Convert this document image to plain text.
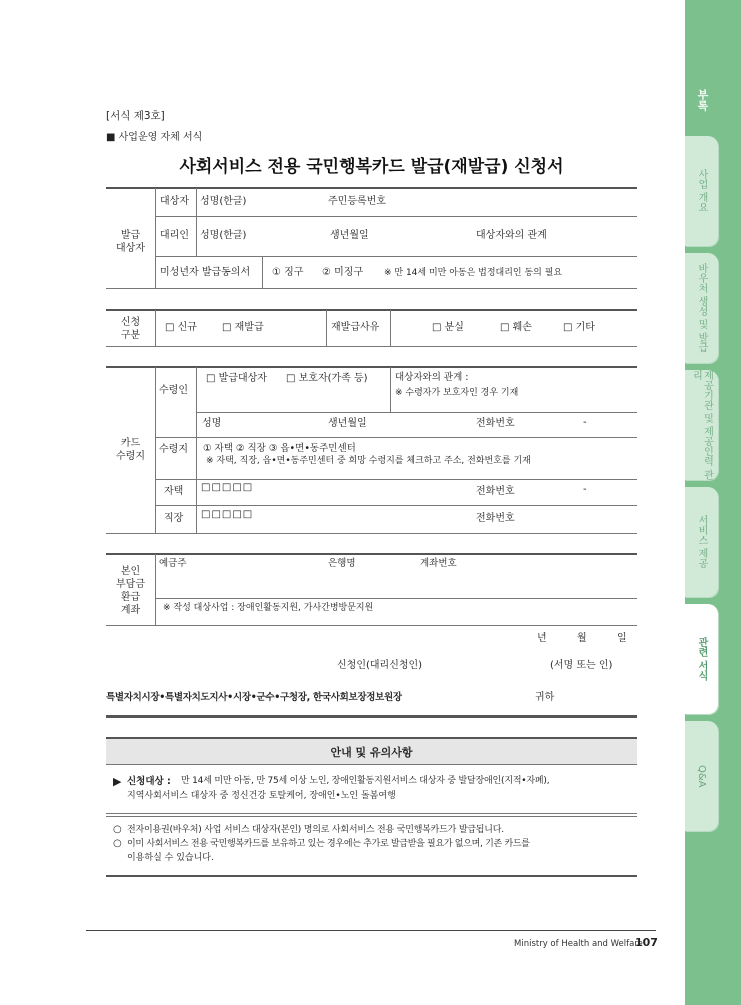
부록
사업 개요
바우처 생성 및 발급
제공기관 및 제공인력 관리
서비스 제공
관련 서식
Q&A
[서식 제3호]
■ 사업운영 자체 서식
사회서비스 전용 국민행복카드 발급(재발급) 신청서
발급
대상자
대상자 성명(한글)	주민등록번호
대리인 성명(한글)	생년월일	대상자와의 관계
미성년자 발급동의서 ① 징구 ② 미징구 ※ 만 14세 미만 아동은 법정대리인 동의 필요
신청
구분
□ 신규	□ 재발급	재발급사유	□ 분실	□ 훼손	□ 기타
카드
수령지
수령인
□ 발급대상자 □ 보호자(가족 등)	대상자와의 관계 :
※ 수령자가 보호자인 경우 기재
성명	생년월일	전화번호	-
수령지 ① 자택 ② 직장 ③ 읍•면•동주민센터
※ 자택, 직장, 읍•면•동주민센터 중 희망 수령지를 체크하고 주소, 전화번호를 기재
자택 □□□□□	전화번호	-
직장 □□□□□	전화번호
본인
부담금
환급
계좌
예금주	은행명	계좌번호
※ 작성 대상사업 : 장애인활동지원, 가사간병방문지원
년	월	일
신청인(대리신청인)	(서명 또는 인)
특별자치시장•특별자치도지사•시장•군수•구청장, 한국사회보장정보원장	귀하
안내 및 유의사항
▶ 신청대상 : 만 14세 미만 아동, 만 75세 이상 노인, 장애인활동지원서비스 대상자 중 발달장애인(지적•자폐),
지역사회서비스 대상자 중 정신건강 토탈케어, 장애인•노인 돌봄여행
○ 전자이용권(바우처) 사업 서비스 대상자(본인) 명의로 사회서비스 전용 국민행복카드가 발급됩니다.
○ 이미 사회서비스 전용 국민행복카드를 보유하고 있는 경우에는 추가로 발급받을 필요가 없으며, 기존 카드를
이용하실 수 있습니다.
Ministry of Health and Welfare
107
